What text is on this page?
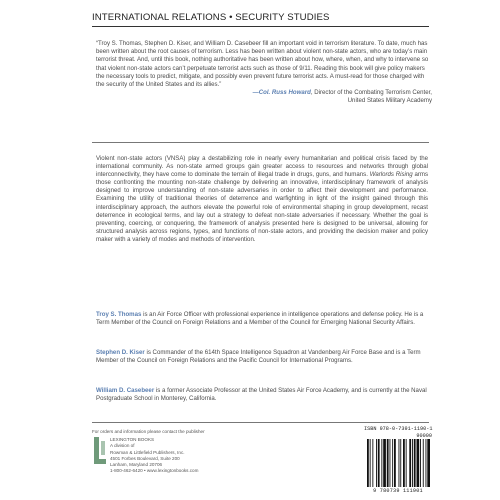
INTERNATIONAL RELATIONS • SECURITY STUDIES

“Troy S. Thomas, Stephen D. Kiser, and William D. Casebeer fill an important void in terrorism literature. To date, much has been written about the root causes of terrorism. Less has been written about violent non-state actors, who are today’s main terrorist threat. And, until this book, nothing authoritative has been written about how, where, when, and why to intervene so that violent non-state actors can’t perpetuate terrorist acts such as those of 9/11. Reading this book will give policy makers the necessary tools to predict, mitigate, and possibly even prevent future terrorist acts. A must-read for those charged with the security of the United States and its allies.”

—Col. Russ Howard, Director of the Combating Terrorism Center,
United States Military Academy

Violent non-state actors (VNSA) play a destabilizing role in nearly every humanitarian and political crisis faced by the international community. As non-state armed groups gain greater access to resources and networks through global interconnectivity, they have come to dominate the terrain of illegal trade in drugs, guns, and humans. Warlords Rising arms those confronting the mounting non-state challenge by delivering an innovative, interdisciplinary framework of analysis designed to improve understanding of non-state adversaries in order to affect their development and performance. Examining the utility of traditional theories of deterrence and warfighting in light of the insight gained through this interdisciplinary approach, the authors elevate the powerful role of environmental shaping in group development, recast deterrence in ecological terms, and lay out a strategy to defeat non-state adversaries if necessary. Whether the goal is preventing, coercing, or conquering, the framework of analysis presented here is designed to be universal, allowing for structured analysis across regions, types, and functions of non-state actors, and providing the decision maker and policy maker with a variety of modes and methods of intervention.

Troy S. Thomas is an Air Force Officer with professional experience in intelligence operations and defense policy. He is a Term Member of the Council on Foreign Relations and a Member of the Council for Emerging National Security Affairs.
Stephen D. Kiser is Commander of the 614th Space Intelligence Squadron at Vandenberg Air Force Base and is a Term Member of the Council on Foreign Relations and the Pacific Council for International Programs.
William D. Casebeer is a former Associate Professor at the United States Air Force Academy, and is currently at the Naval Postgraduate School in Monterey, California.
For orders and information please contact the publisher
LEXINGTON BOOKS
A division of
Rowman & Littlefield Publishers, Inc.
4501 Forbes Boulevard, Suite 200
Lanham, Maryland 20706
1-800-462-6420 • www.lexingtonbooks.com
ISBN 978-0-7391-1190-1
90000
9 780739 111901
